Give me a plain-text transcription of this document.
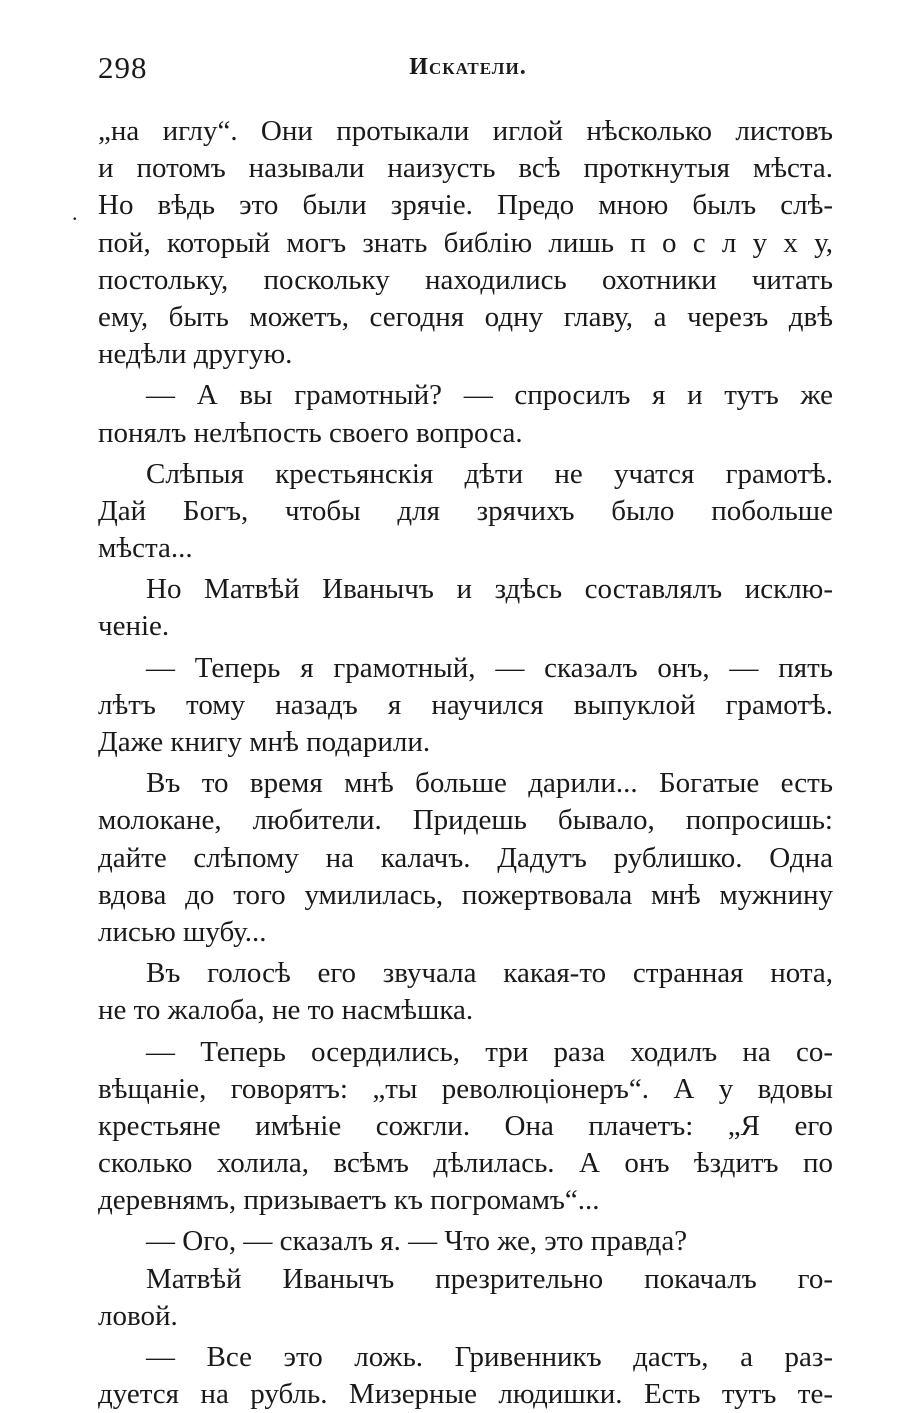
298	Искатели.
.
„на иглу“. Они протыкали иглой нѣсколько листовъ
и потомъ называли наизусть всѣ проткнутыя мѣста.
Но вѣдь это были зрячіе. Предо мною былъ слѣ-
пой, который могъ знать библію лишь п о с л у х у,
постольку, поскольку находились охотники читать
ему, быть можетъ, сегодня одну главу, а черезъ двѣ
недѣли другую.
— А вы грамотный? — спросилъ я и тутъ же
понялъ нелѣпость своего вопроса.
Слѣпыя крестьянскія дѣти не учатся грамотѣ.
Дай Богъ, чтобы для зрячихъ было побольше
мѣста...
Но Матвѣй Иванычъ и здѣсь составлялъ исклю-
ченіе.
— Теперь я грамотный, — сказалъ онъ, — пять
лѣтъ тому назадъ я научился выпуклой грамотѣ.
Даже книгу мнѣ подарили.
Въ то время мнѣ больше дарили... Богатые есть
молокане, любители. Придешь бывало, попросишь:
дайте слѣпому на калачъ. Дадутъ рублишко. Одна
вдова до того умилилась, пожертвовала мнѣ мужнину
лисью шубу...
Въ голосѣ его звучала какая-то странная нота,
не то жалоба, не то насмѣшка.
— Теперь осердились, три раза ходилъ на со-
вѣщаніе, говорятъ: „ты революціонеръ“. А у вдовы
крестьяне имѣніе сожгли. Она плачетъ: „Я его
сколько холила, всѣмъ дѣлилась. А онъ ѣздитъ по
деревнямъ, призываетъ къ погромамъ“...
— Ого, — сказалъ я. — Что же, это правда?
Матвѣй Иванычъ презрительно покачалъ го-
ловой.
— Все это ложь. Гривенникъ дастъ, а раз-
дуется на рубль. Мизерные людишки. Есть тутъ те-
